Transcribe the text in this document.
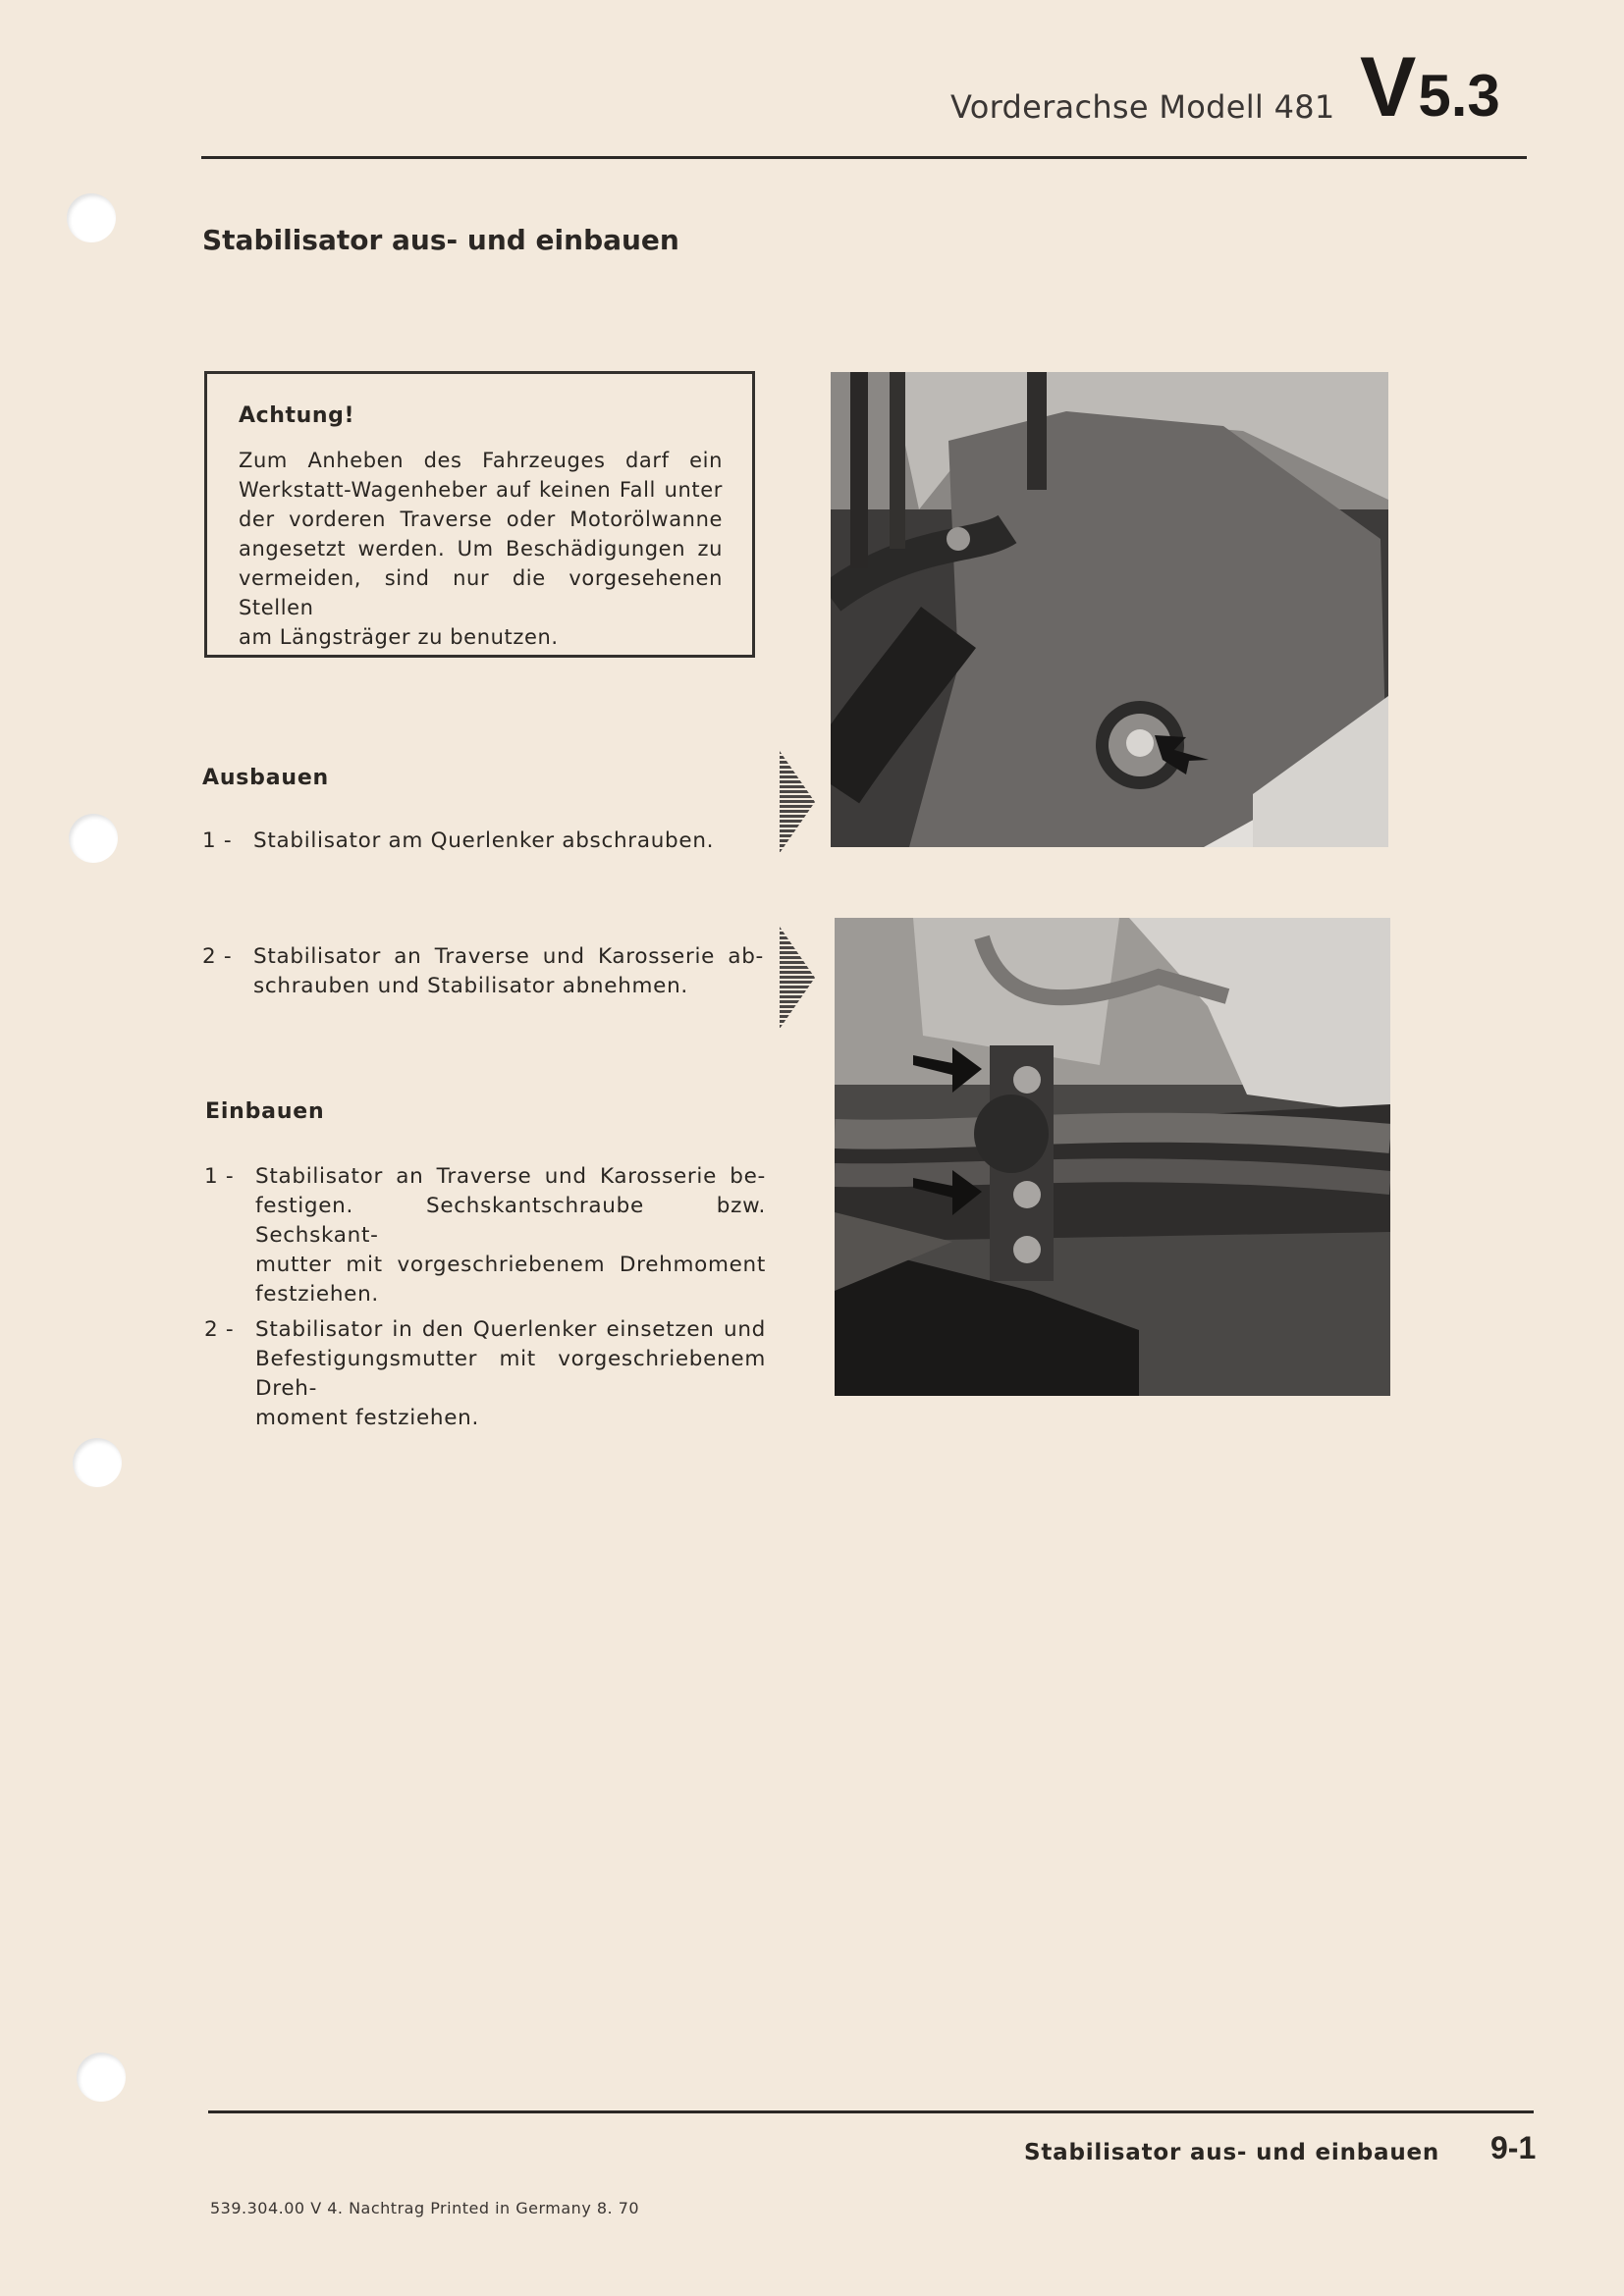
Vorderachse Modell 481 V5.3
Stabilisator aus- und einbauen
Achtung!
Zum Anheben des Fahrzeuges darf ein
Werkstatt-Wagenheber auf keinen Fall unter
der vorderen Traverse oder Motorölwanne
angesetzt werden. Um Beschädigungen zu
vermeiden, sind nur die vorgesehenen Stellen
am Längsträger zu benutzen.
Ausbauen
1 -	Stabilisator am Querlenker abschrauben.
2 -	Stabilisator an Traverse und Karosserie ab-
schrauben und Stabilisator abnehmen.
Einbauen
1 -	Stabilisator an Traverse und Karosserie be-
festigen. Sechskantschraube bzw. Sechskant-
mutter mit vorgeschriebenem Drehmoment
festziehen.
2 -	Stabilisator in den Querlenker einsetzen und
Befestigungsmutter mit vorgeschriebenem Dreh-
moment festziehen.
Stabilisator aus- und einbauen 9-1
539.304.00 V 4. Nachtrag Printed in Germany 8. 70
